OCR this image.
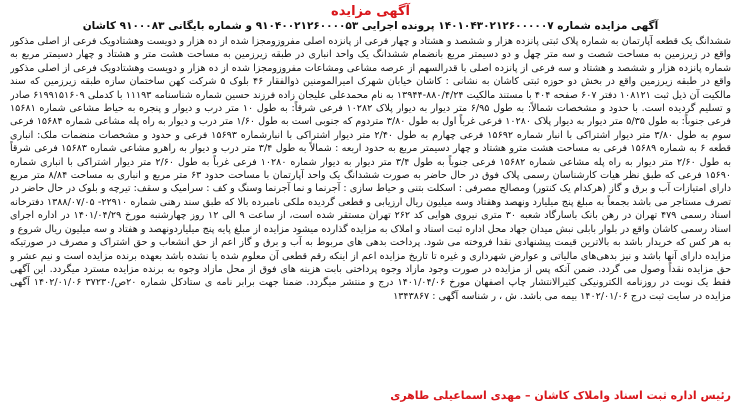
آگهی مزایده
آگهی مزایده شماره ۱۴۰۱۰۴۳۰۲۱۲۶۰۰۰۰۰۷ پرونده اجرایی ۹۱۰۴۰۰۲۱۲۶۰۰۰۰۵۳ و شماره بایگانی ۹۱۰۰۰۸۳ کاشان

ششدانگ یک قطعه آپارتمان به شماره پلاک ثبتی پانزده هزار و ششصد و هشتاد و چهار فرعی از پانزده اصلی مفروزومجزا شده از ده هزار و دویست وهشتادویک فرعی از اصلی مذکور واقع در زیرزمین به مساحت شصت و سه متر چهل و دو دسیمتر مربع بانضمام ششدانگ یک واحد انباری در طبقه زیرزمین به مساحت هشت متر و هشتاد و چهار دسیمتر مربع به شماره پانزده هزار و ششصد و هشتاد و سه فرعی از پانزده اصلی با قدرالسهم از عرصه مشاعی ومشاعات مفروزومجزا شده از ده هزار و دویست وهشتادویک فرعی از اصلی مذکور واقع در طبقه زیرزمین واقع در بخش دو حوزه ثبتی کاشان به نشانی : کاشان خیابان شهرک امیرالمومنین ذوالفقار ۴۶ بلوک ۵ شرکت کهن ساختمان سازه طبقه زیرزمین که سند مالکیت آن ذیل ثبت ۱۰۸۱۲۱ دفتر ۶۰۷ صفحه ۴۰۴ با مستند مالکیت ۸۸۰/۴/۲۴-۱۳۹۴۴ به نام محمدعلی علیجان زاده فرزند حسین شماره شناسنامه ۱۱۱۹۳ با کدملی ۶۱۹۹۱۵۱۶۰۹ صادر و تسلیم گردیده است. با حدود و مشخصات شمالاً: به طول ۶/۹۵ متر دیوار به دیوار پلاک ۱۰۲۸۲ فرعی شرقاً: به طول ۱۰ متر درب و دیوار و پنجره به حیاط مشاعی شماره ۱۵۶۸۱ فرعی جنوباً: به طول ۵/۳۵ متر دیوار به دیوار پلاک ۱۰۲۸۰ فرعی غرباً اول به طول ۳/۸۰ متردوم که جنوبی است به طول ۱/۶۰ متر درب و دیوار به راه پله مشاعی شماره ۱۵۶۸۴ فرعی سوم به طول ۳/۸۰ متر دیوار اشتراکی با انبار شماره ۱۵۶۹۲ فرعی چهارم به طول ۲/۴۰ متر دیوار اشتراکی با انبارشماره ۱۵۶۹۳ فرعی و حدود و مشخصات منضمات ملک: انباری قطعه ۶ به شماره ۱۵۶۸۹ فرعی به مساحت هشت مترو هشتاد و چهار دسیمتر مربع به حدود اربعه : شمالاً به طول ۳/۴ متر درب و دیوار به راهرو مشاعی شماره ۱۵۶۸۳ فرعی شرقاً به طول ۲/۶۰ متر دیوار به راه پله مشاعی شماره ۱۵۶۸۲ فرعی جنوباً به طول ۳/۴ متر دیوار به دیوار شماره ۱۰۲۸۰ فرعی غرباً به طول ۲/۶۰ متر دیوار اشتراکی با انباری شماره ۱۵۶۹۰ فرعی که طبق نظر هیات کارشناسان رسمی پلاک فوق در حال حاضر به صورت ششدانگ یک واحد آپارتمان با مساحت حدود ۶۳ متر مربع و انباری به مساحت ۸/۸۴ متر مربع دارای امتیازات آب و برق و گاز (هرکدام یک کنتور) ومصالح مصرفی : اسکلت بتنی و حیاط سازی : آجرنما و نما آجرنما وسنگ و کف : سرامیک و سقف: تیرچه و بلوک در حال حاضر در تصرف مستاجر می باشد بجمعاً به مبلغ پنج میلیارد ونهصد وهفتاد وسه میلیون ریال ارزیابی و قطعی گردیده ملکی نامبرده بالا که طبق سند رهنی شماره ۲۲۹۱۰- ۱۳۸۸/۰۷/۰۵ دفترخانه اسناد رسمی ۴۷۹ تهران در رهن بانک باسارگاد شعبه ۳۰ متری نیروی هوایی کد ۲۶۲ تهران مستقر شده است، از ساعت ۹ الی ۱۲ روز چهارشنبه مورخ ۱۴۰۱/۰۴/۲۹ در اداره اجرای اسناد رسمی کاشان واقع در بلوار بابلی نبش میدان جهاد محل اداره ثبت اسناد و املاک به مزایده گذارده میشود مزایده از مبلغ پایه پنج میلیاردونهصد و هفتاد و سه میلیون ریال شروع و به هر کس که خریدار باشد به بالاترین قیمت پیشنهادی نقدا فروخته می شود. پرداخت بدهی های مربوط به آب و برق و گاز اعم از حق انشعاب و حق اشتراک و مصرف در صورتیکه مزایده دارای آنها باشد و نیز بدهی‌های مالیاتی و عوارض شهرداری و غیره تا تاریخ مزایده اعم از اینکه رقم قطعی آن معلوم شده یا نشده باشد بعهده برنده مزایده است و نیم عشر و حق مزایده نقداً وصول می گردد. ضمن آنکه پس از مزایده در صورت وجود مازاد وجوه پرداختی بابت هزینه های فوق از محل مازاد وجوه به برنده مزایده مسترد میگردد. این آگهی فقط یک نوبت در روزنامه الکترونیکی کثیرالانتشار چاپ اصفهان مورخ ۱۴۰۱/۰۴/۰۶ درج و منتشر میگردد. ضمنا جهت برابر نامه ی ستادکل شماره ۲۰ص/۳۷۲۳۰ ۱۴۰۲/۰۱/۰۶ آگهی مزایده در سایت ثبت درج ۱۴۰۲/۰۱/۰۶ بیمه می باشد. ش ، ر شناسه آگهی : ۱۳۴۳۸۶۷

رئیس اداره ثبت اسناد واملاک کاشان – مهدی اسماعیلی طاهری
